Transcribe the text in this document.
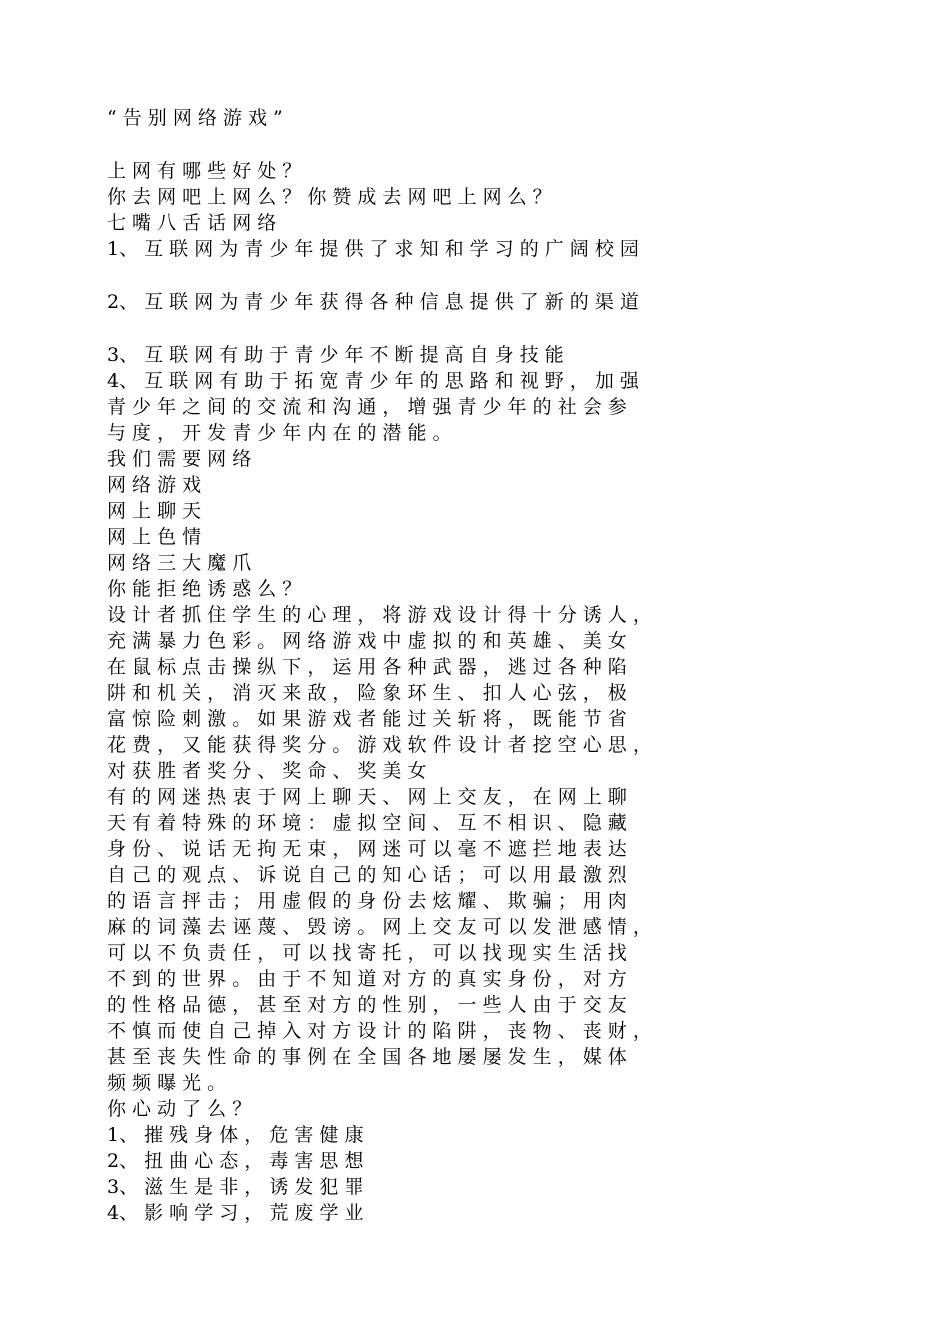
“ 告 别 网 络 游 戏 ”
上 网 有 哪 些 好 处 ？
你 去 网 吧 上 网 么 ？ 你 赞 成 去 网 吧 上 网 么 ？
七 嘴 八 舌 话 网 络
1、 互 联 网 为 青 少 年 提 供 了 求 知 和 学 习 的 广 阔 校 园
2、 互 联 网 为 青 少 年 获 得 各 种 信 息 提 供 了 新 的 渠 道
3、 互 联 网 有 助 于 青 少 年 不 断 提 高 自 身 技 能
4、 互 联 网 有 助 于 拓 宽 青 少 年 的 思 路 和 视 野 ， 加 强
青 少 年 之 间 的 交 流 和 沟 通 ， 增 强 青 少 年 的 社 会 参
与 度 ， 开 发 青 少 年 内 在 的 潜 能 。
我 们 需 要 网 络
网 络 游 戏
网 上 聊 天
网 上 色 情
网 络 三 大 魔 爪
你 能 拒 绝 诱 惑 么 ？
设 计 者 抓 住 学 生 的 心 理 ， 将 游 戏 设 计 得 十 分 诱 人 ，
充 满 暴 力 色 彩 。 网 络 游 戏 中 虚 拟 的 和 英 雄 、 美 女
在 鼠 标 点 击 操 纵 下 ， 运 用 各 种 武 器 ， 逃 过 各 种 陷
阱 和 机 关 ， 消 灭 来 敌 ， 险 象 环 生 、 扣 人 心 弦 ， 极
富 惊 险 刺 激 。 如 果 游 戏 者 能 过 关 斩 将 ， 既 能 节 省
花 费 ， 又 能 获 得 奖 分 。 游 戏 软 件 设 计 者 挖 空 心 思 ，
对 获 胜 者 奖 分 、 奖 命 、 奖 美 女
有 的 网 迷 热 衷 于 网 上 聊 天 、 网 上 交 友 ， 在 网 上 聊
天 有 着 特 殊 的 环 境 ： 虚 拟 空 间 、 互 不 相 识 、 隐 藏
身 份 、 说 话 无 拘 无 束 ， 网 迷 可 以 毫 不 遮 拦 地 表 达
自 己 的 观 点 、 诉 说 自 己 的 知 心 话 ； 可 以 用 最 激 烈
的 语 言 抨 击 ； 用 虚 假 的 身 份 去 炫 耀 、 欺 骗 ； 用 肉
麻 的 词 藻 去 诬 蔑 、 毁 谤 。 网 上 交 友 可 以 发 泄 感 情 ，
可 以 不 负 责 任 ， 可 以 找 寄 托 ， 可 以 找 现 实 生 活 找
不 到 的 世 界 。 由 于 不 知 道 对 方 的 真 实 身 份 ， 对 方
的 性 格 品 德 ， 甚 至 对 方 的 性 别 ， 一 些 人 由 于 交 友
不 慎 而 使 自 己 掉 入 对 方 设 计 的 陷 阱 ， 丧 物 、 丧 财 ，
甚 至 丧 失 性 命 的 事 例 在 全 国 各 地 屡 屡 发 生 ， 媒 体
频 频 曝 光 。
你 心 动 了 么 ？
1、 摧 残 身 体 ， 危 害 健 康
2、 扭 曲 心 态 ， 毒 害 思 想
3、 滋 生 是 非 ， 诱 发 犯 罪
4、 影 响 学 习 ， 荒 废 学 业
